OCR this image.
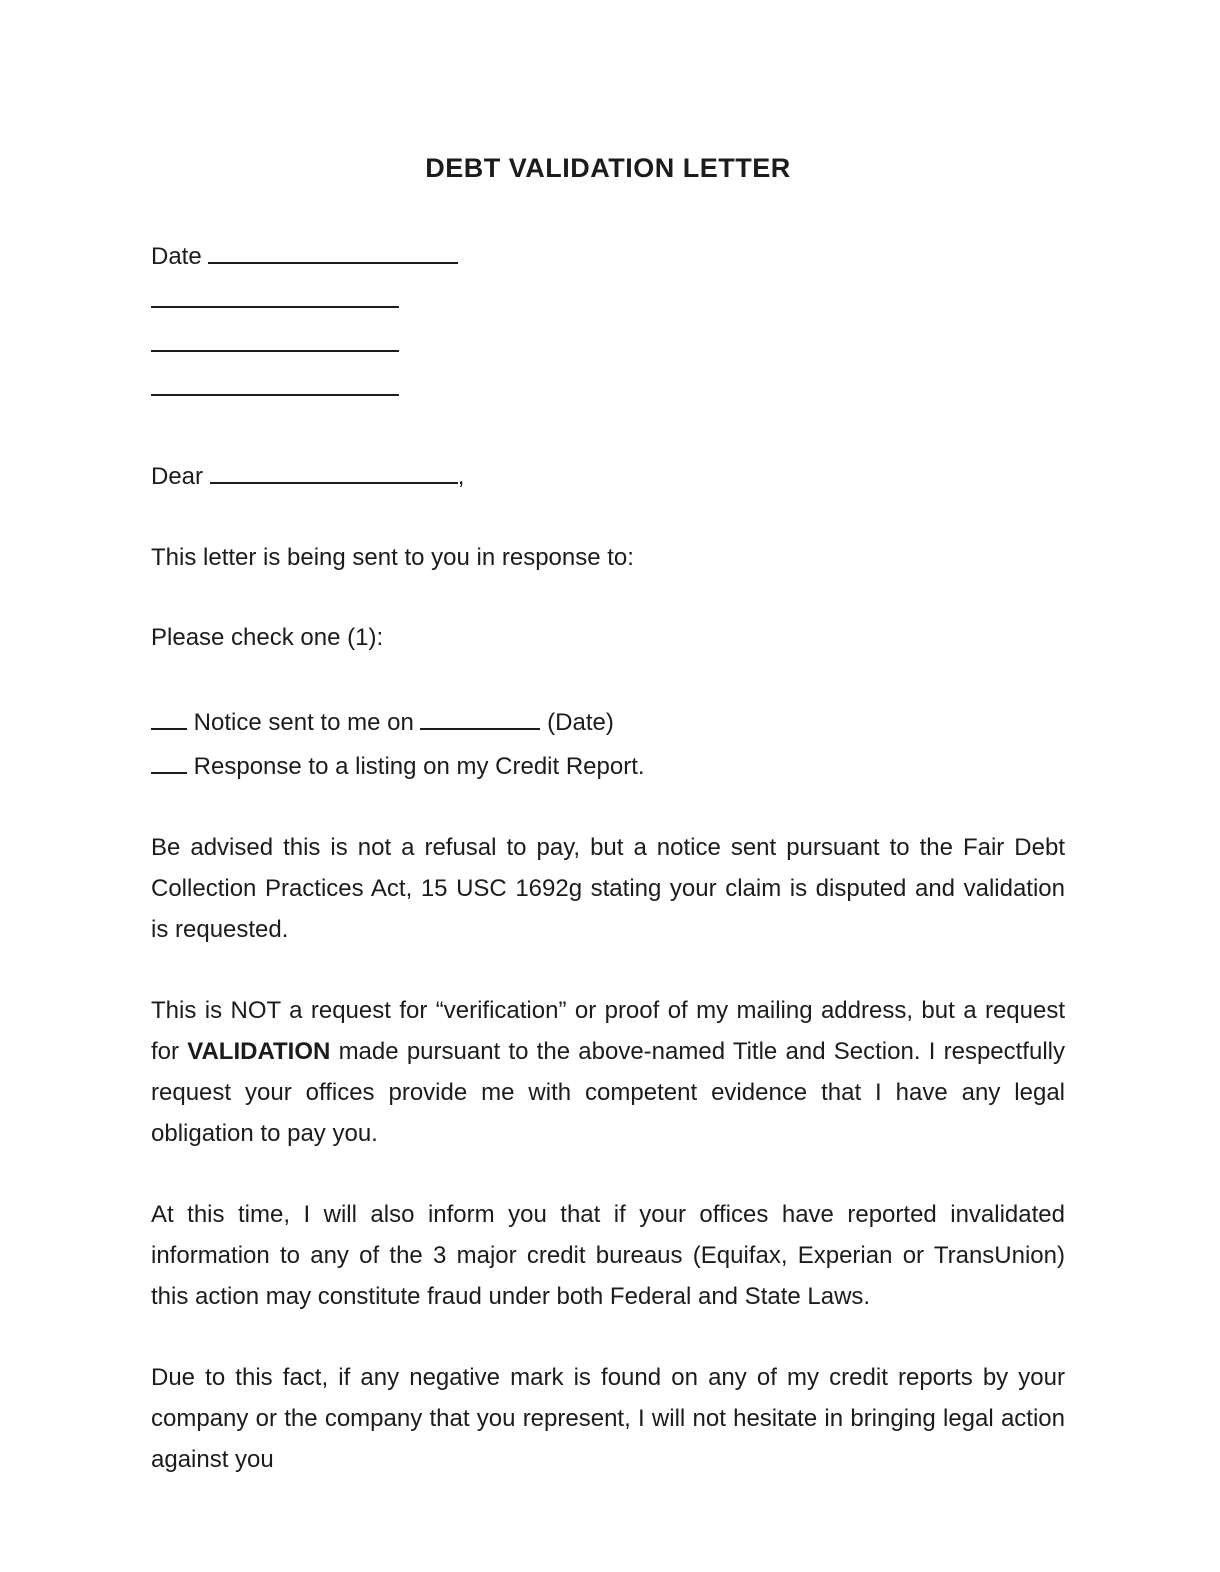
DEBT VALIDATION LETTER
Date
Dear	,

This letter is being sent to you in response to:

Please check one (1):

Notice sent to me on	(Date)
Response to a listing on my Credit Report.

Be advised this is not a refusal to pay, but a notice sent pursuant to the Fair Debt Collection Practices Act, 15 USC 1692g stating your claim is disputed and validation is requested.

This is NOT a request for “verification” or proof of my mailing address, but a request for VALIDATION made pursuant to the above-named Title and Section. I respectfully request your offices provide me with competent evidence that I have any legal obligation to pay you.

At this time, I will also inform you that if your offices have reported invalidated information to any of the 3 major credit bureaus (Equifax, Experian or TransUnion) this action may constitute fraud under both Federal and State Laws.

Due to this fact, if any negative mark is found on any of my credit reports by your company or the company that you represent, I will not hesitate in bringing legal action against you
